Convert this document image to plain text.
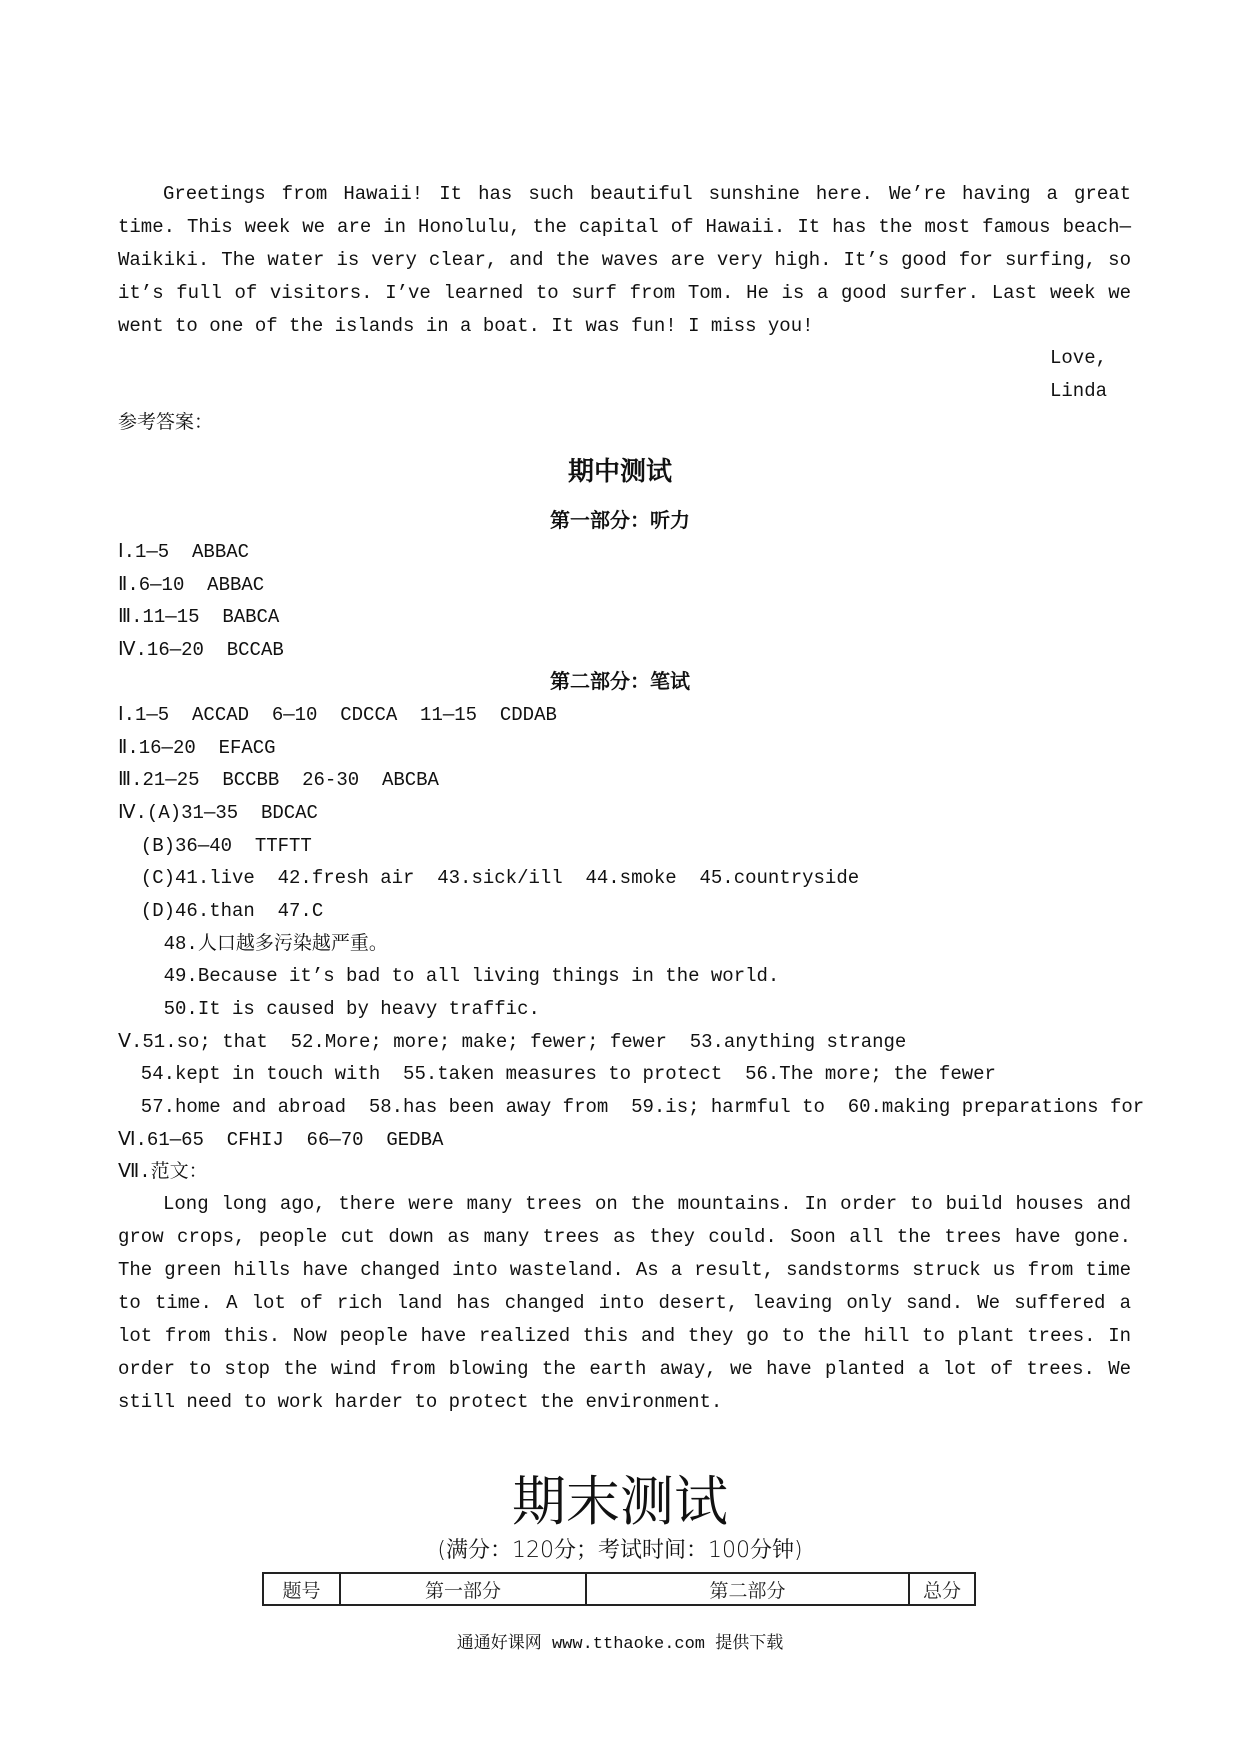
Greetings from Hawaii! It has such beautiful sunshine here. We’re having a great time. This week we are in Honolulu, the capital of Hawaii. It has the most famous beach—Waikiki. The water is very clear, and the waves are very high. It’s good for surfing, so it’s full of visitors. I’ve learned to surf from Tom. He is a good surfer. Last week we went to one of the islands in a boat. It was fun! I miss you!

Love,
Linda
参考答案：
期中测试
第一部分：听力
Ⅰ.1—5  ABBAC
Ⅱ.6—10  ABBAC
Ⅲ.11—15  BABCA
Ⅳ.16—20  BCCAB
第二部分：笔试
Ⅰ.1—5  ACCAD  6—10  CDCCA  11—15  CDDAB
Ⅱ.16—20  EFACG
Ⅲ.21—25  BCCBB  26-30  ABCBA
Ⅳ.(A)31—35  BDCAC
(B)36—40  TTFTT
(C)41.live  42.fresh air  43.sick/ill  44.smoke  45.countryside
(D)46.than  47.C
48.人口越多污染越严重。
49.Because it’s bad to all living things in the world.
50.It is caused by heavy traffic.
Ⅴ.51.so; that  52.More; more; make; fewer; fewer  53.anything strange
54.kept in touch with  55.taken measures to protect  56.The more; the fewer
57.home and abroad  58.has been away from  59.is; harmful to  60.making preparations for
Ⅵ.61—65  CFHIJ  66—70  GEDBA
Ⅶ.范文：

Long long ago, there were many trees on the mountains. In order to build houses and grow crops, people cut down as many trees as they could. Soon all the trees have gone. The green hills have changed into wasteland. As a result, sandstorms struck us from time to time. A lot of rich land has changed into desert, leaving only sand. We suffered a lot from this. Now people have realized this and they go to the hill to plant trees. In order to stop the wind from blowing the earth away, we have planted a lot of trees. We still need to work harder to protect the environment.

期末测试
(满分：120分；考试时间：100分钟)
题号	第一部分	第二部分	总分
通通好课网 www.tthaoke.com 提供下载
